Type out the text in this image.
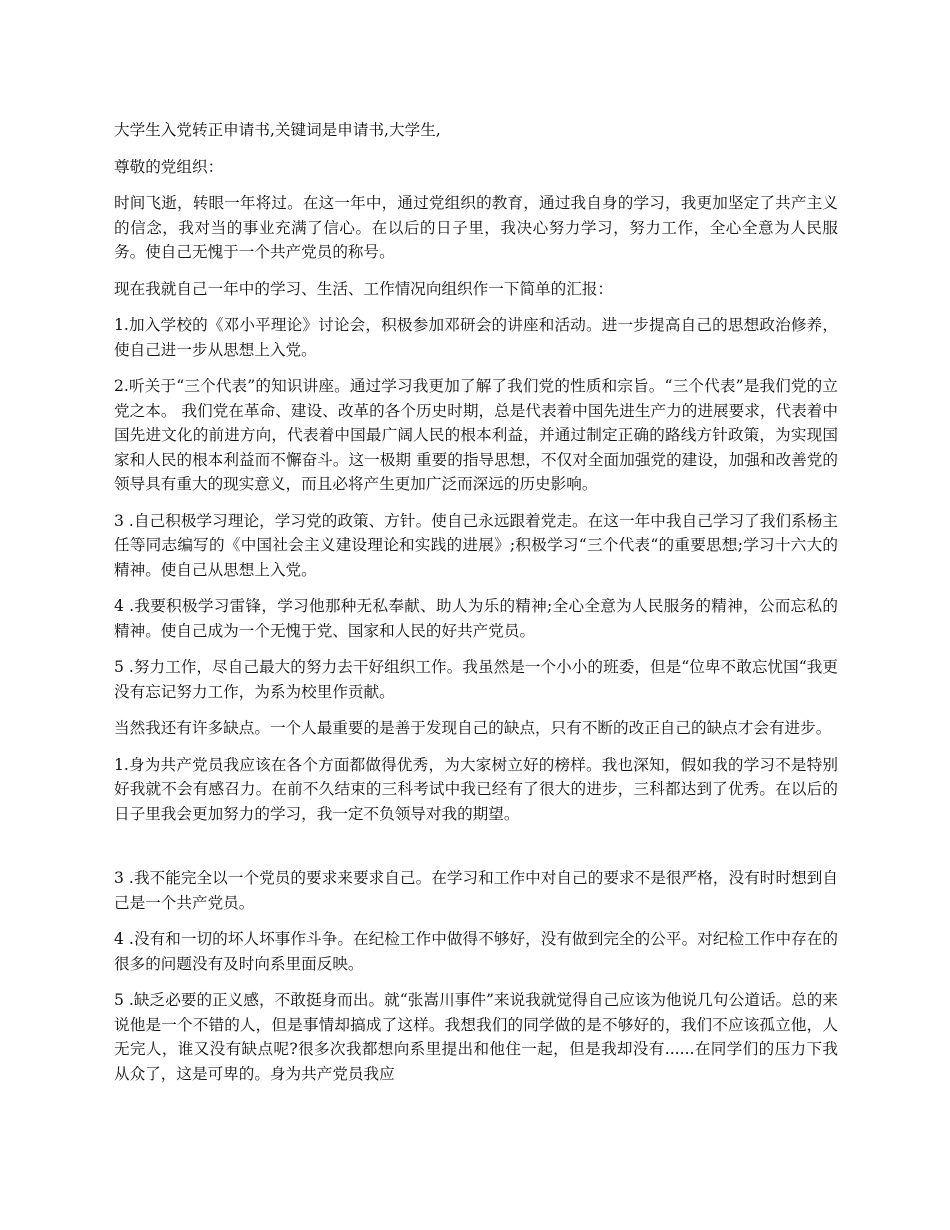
大学生入党转正申请书,关键词是申请书,大学生,

尊敬的党组织：

时间飞逝，转眼一年将过。在这一年中，通过党组织的教育，通过我自身的学习，我更加坚定了共产主义的信念，我对当的事业充满了信心。在以后的日子里，我决心努力学习，努力工作，全心全意为人民服务。使自己无愧于一个共产党员的称号。

现在我就自己一年中的学习、生活、工作情况向组织作一下简单的汇报：

1.加入学校的《邓小平理论》讨论会，积极参加邓研会的讲座和活动。进一步提高自己的思想政治修养，使自己进一步从思想上入党。

2.听关于“三个代表”的知识讲座。通过学习我更加了解了我们党的性质和宗旨。“三个代表”是我们党的立党之本。 我们党在革命、建设、改革的各个历史时期，总是代表着中国先进生产力的进展要求，代表着中国先进文化的前进方向，代表着中国最广阔人民的根本利益，并通过制定正确的路线方针政策，为实现国家和人民的根本利益而不懈奋斗。这一极期 重要的指导思想，不仅对全面加强党的建设，加强和改善党的领导具有重大的现实意义，而且必将产生更加广泛而深远的历史影响。

3 .自己积极学习理论，学习党的政策、方针。使自己永远跟着党走。在这一年中我自己学习了我们系杨主任等同志编写的《中国社会主义建设理论和实践的进展》;积极学习“三个代表“的重要思想;学习十六大的精神。使自己从思想上入党。

4 .我要积极学习雷锋，学习他那种无私奉献、助人为乐的精神;全心全意为人民服务的精神，公而忘私的精神。使自己成为一个无愧于党、国家和人民的好共产党员。

5 .努力工作，尽自己最大的努力去干好组织工作。我虽然是一个小小的班委，但是“位卑不敢忘忧国“我更没有忘记努力工作，为系为校里作贡献。

当然我还有许多缺点。一个人最重要的是善于发现自己的缺点，只有不断的改正自己的缺点才会有进步。

1.身为共产党员我应该在各个方面都做得优秀，为大家树立好的榜样。我也深知，假如我的学习不是特别好我就不会有感召力。在前不久结束的三科考试中我已经有了很大的进步，三科都达到了优秀。在以后的日子里我会更加努力的学习，我一定不负领导对我的期望。

3 .我不能完全以一个党员的要求来要求自己。在学习和工作中对自己的要求不是很严格，没有时时想到自己是一个共产党员。

4 .没有和一切的坏人坏事作斗争。在纪检工作中做得不够好，没有做到完全的公平。对纪检工作中存在的很多的问题没有及时向系里面反映。

5 .缺乏必要的正义感，不敢挺身而出。就“张嵩川事件”来说我就觉得自己应该为他说几句公道话。总的来说他是一个不错的人，但是事情却搞成了这样。我想我们的同学做的是不够好的，我们不应该孤立他，人无完人，谁又没有缺点呢?很多次我都想向系里提出和他住一起，但是我却没有......在同学们的压力下我从众了，这是可卑的。身为共产党员我应
